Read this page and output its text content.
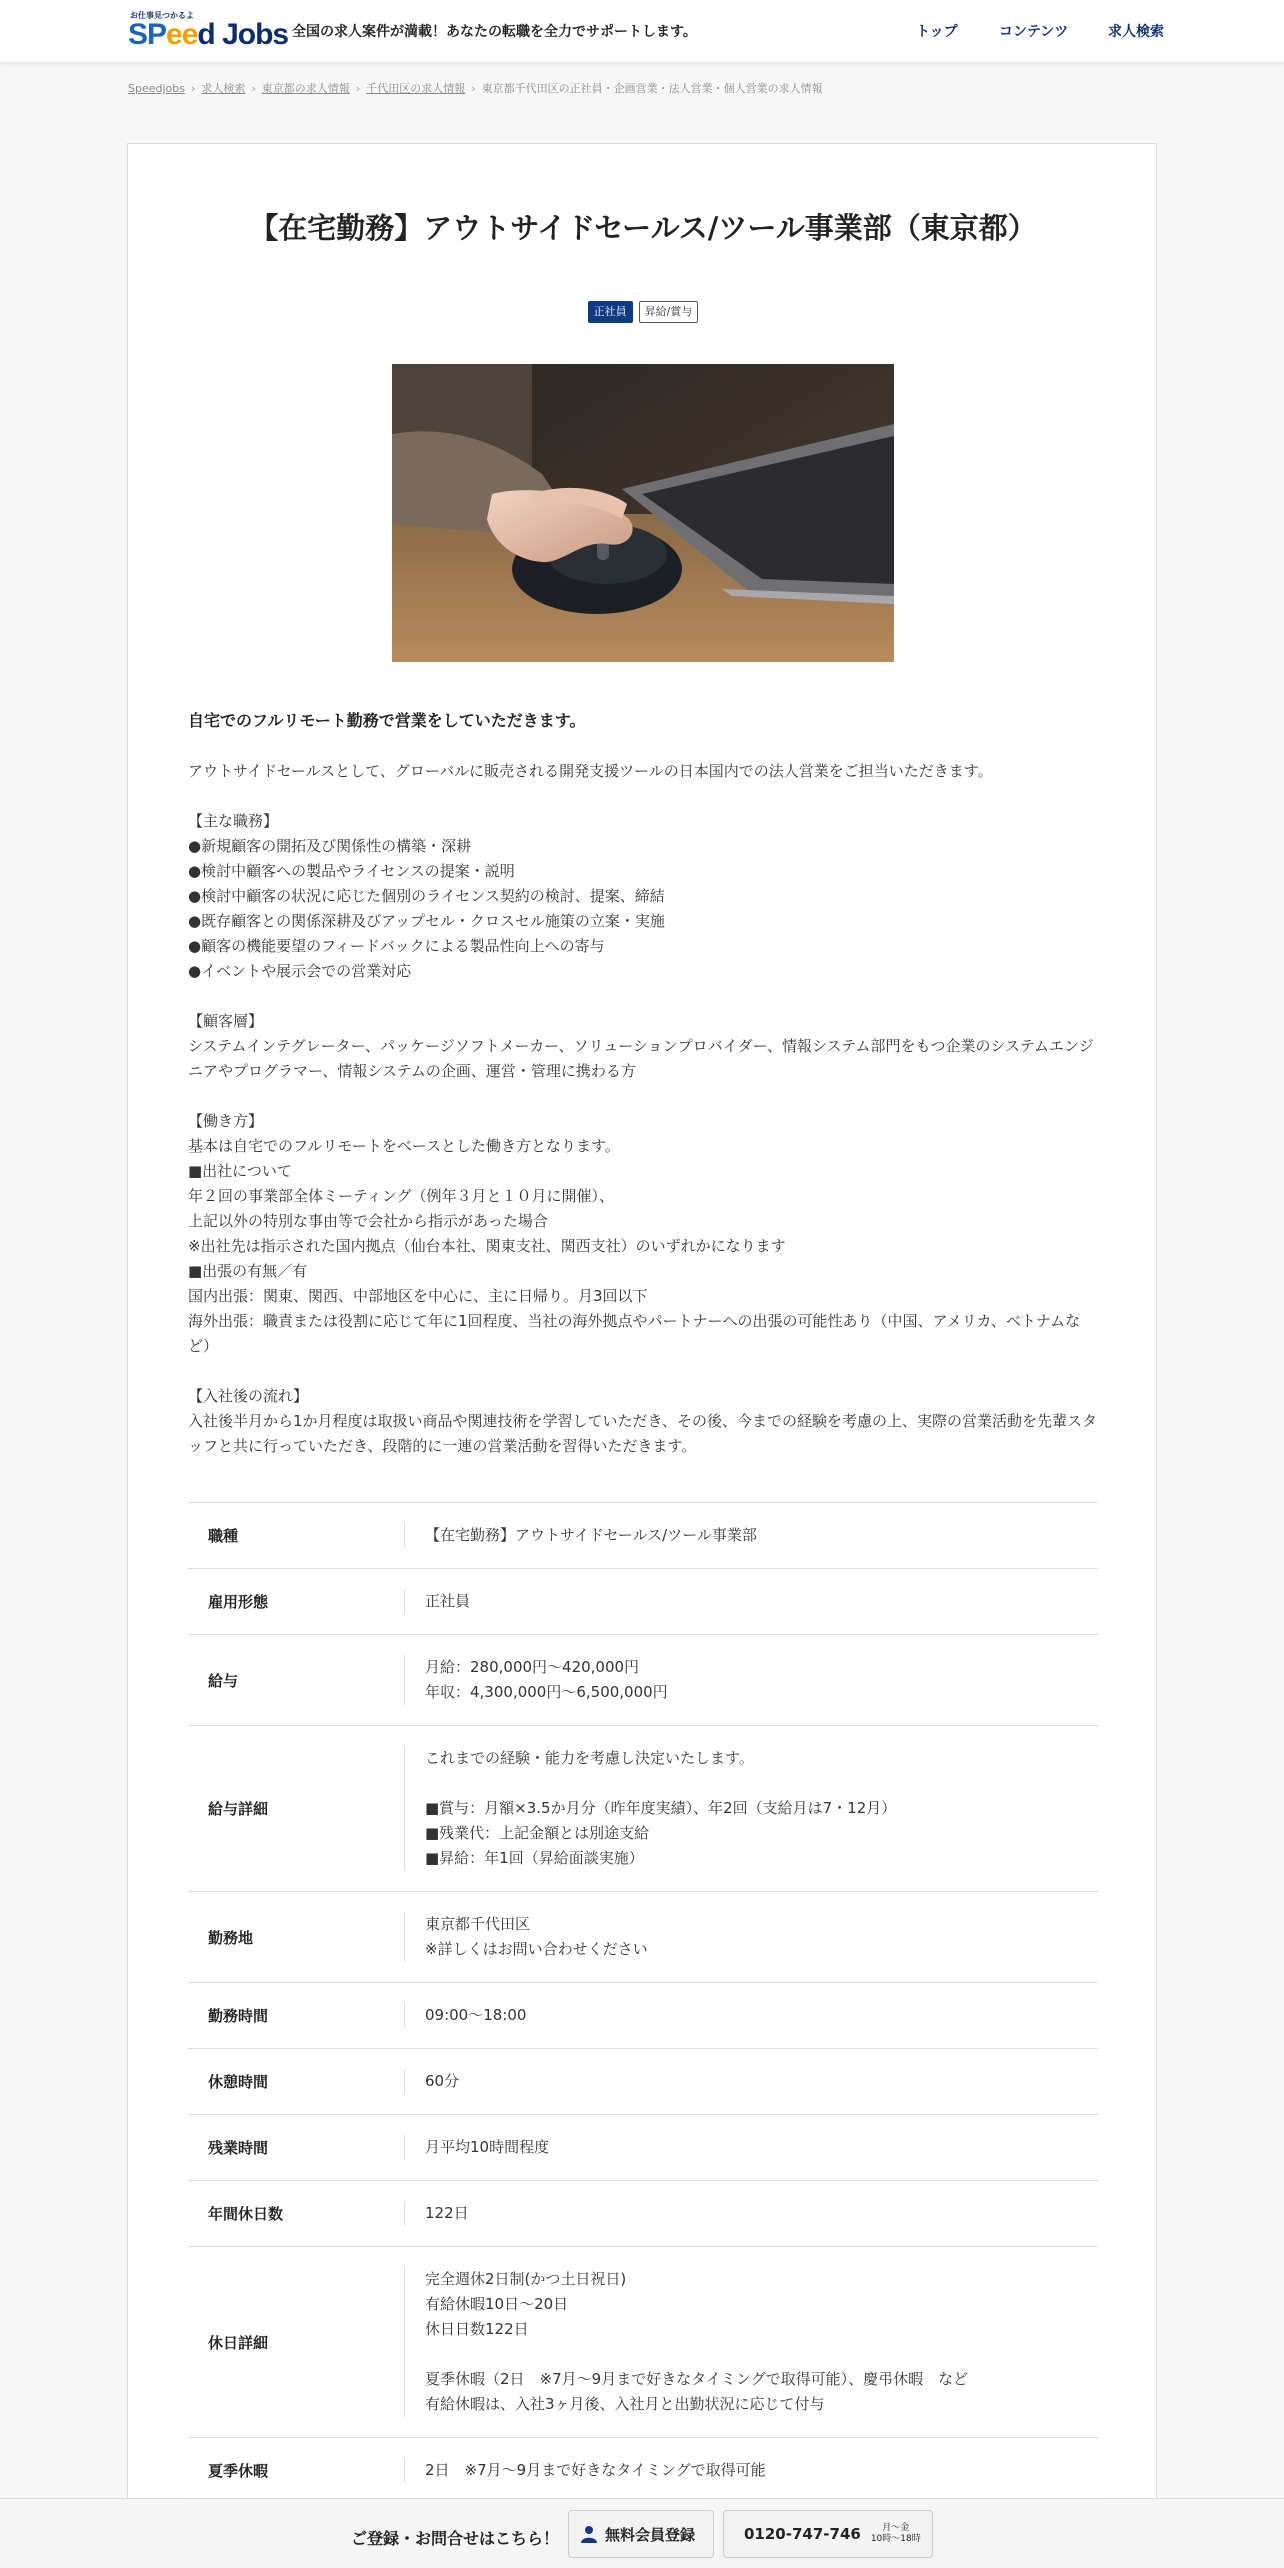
お仕事見つかるよ
SPeed Jobs 全国の求人案件が満載！あなたの転職を全力でサポートします。	トップ	コンテンツ	求人検索
Speedjobs › 求人検索 › 東京都の求人情報 › 千代田区の求人情報 › 東京都千代田区の正社員・企画営業・法人営業・個人営業の求人情報
【在宅勤務】アウトサイドセールス/ツール事業部（東京都）
正社員 昇給/賞与
自宅でのフルリモート勤務で営業をしていただきます。

アウトサイドセールスとして、グローバルに販売される開発支援ツールの日本国内での法人営業をご担当いただきます。

【主な職務】
●新規顧客の開拓及び関係性の構築・深耕
●検討中顧客への製品やライセンスの提案・説明
●検討中顧客の状況に応じた個別のライセンス契約の検討、提案、締結
●既存顧客との関係深耕及びアップセル・クロスセル施策の立案・実施
●顧客の機能要望のフィードバックによる製品性向上への寄与
●イベントや展示会での営業対応

【顧客層】
システムインテグレーター、パッケージソフトメーカー、ソリューションプロバイダー、情報システム部門をもつ企業のシステムエンジニアやプログラマー、情報システムの企画、運営・管理に携わる方

【働き方】
基本は自宅でのフルリモートをベースとした働き方となります。
■出社について
年２回の事業部全体ミーティング（例年３月と１０月に開催）、
上記以外の特別な事由等で会社から指示があった場合
※出社先は指示された国内拠点（仙台本社、関東支社、関西支社）のいずれかになります
■出張の有無／有
国内出張：関東、関西、中部地区を中心に、主に日帰り。月3回以下
海外出張：職責または役割に応じて年に1回程度、当社の海外拠点やパートナーへの出張の可能性あり（中国、アメリカ、ベトナムなど）

【入社後の流れ】
入社後半月から1か月程度は取扱い商品や関連技術を学習していただき、その後、今までの経験を考慮の上、実際の営業活動を先輩スタッフと共に行っていただき、段階的に一連の営業活動を習得いただきます。

職種	【在宅勤務】アウトサイドセールス/ツール事業部

雇用形態	正社員

給与	月給：280,000円～420,000円
年収：4,300,000円～6,500,000円

給与詳細	これまでの経験・能力を考慮し決定いたします。

■賞与：月額×3.5か月分（昨年度実績）、年2回（支給月は7・12月）
■残業代：上記金額とは別途支給
■昇給：年1回（昇給面談実施）

勤務地	東京都千代田区
※詳しくはお問い合わせください

勤務時間	09:00〜18:00

休憩時間	60分

残業時間	月平均10時間程度

年間休日数	122日

休日詳細	完全週休2日制(かつ土日祝日)
有給休暇10日～20日
休日日数122日

夏季休暇（2日　※7月～9月まで好きなタイミングで取得可能）、慶弔休暇　など
有給休暇は、入社3ヶ月後、入社月と出勤状況に応じて付与

夏季休暇	2日　※7月～9月まで好きなタイミングで取得可能
ご登録・お問合せはこちら！	無料会員登録	0120-747-746	月～金
10時～18時
